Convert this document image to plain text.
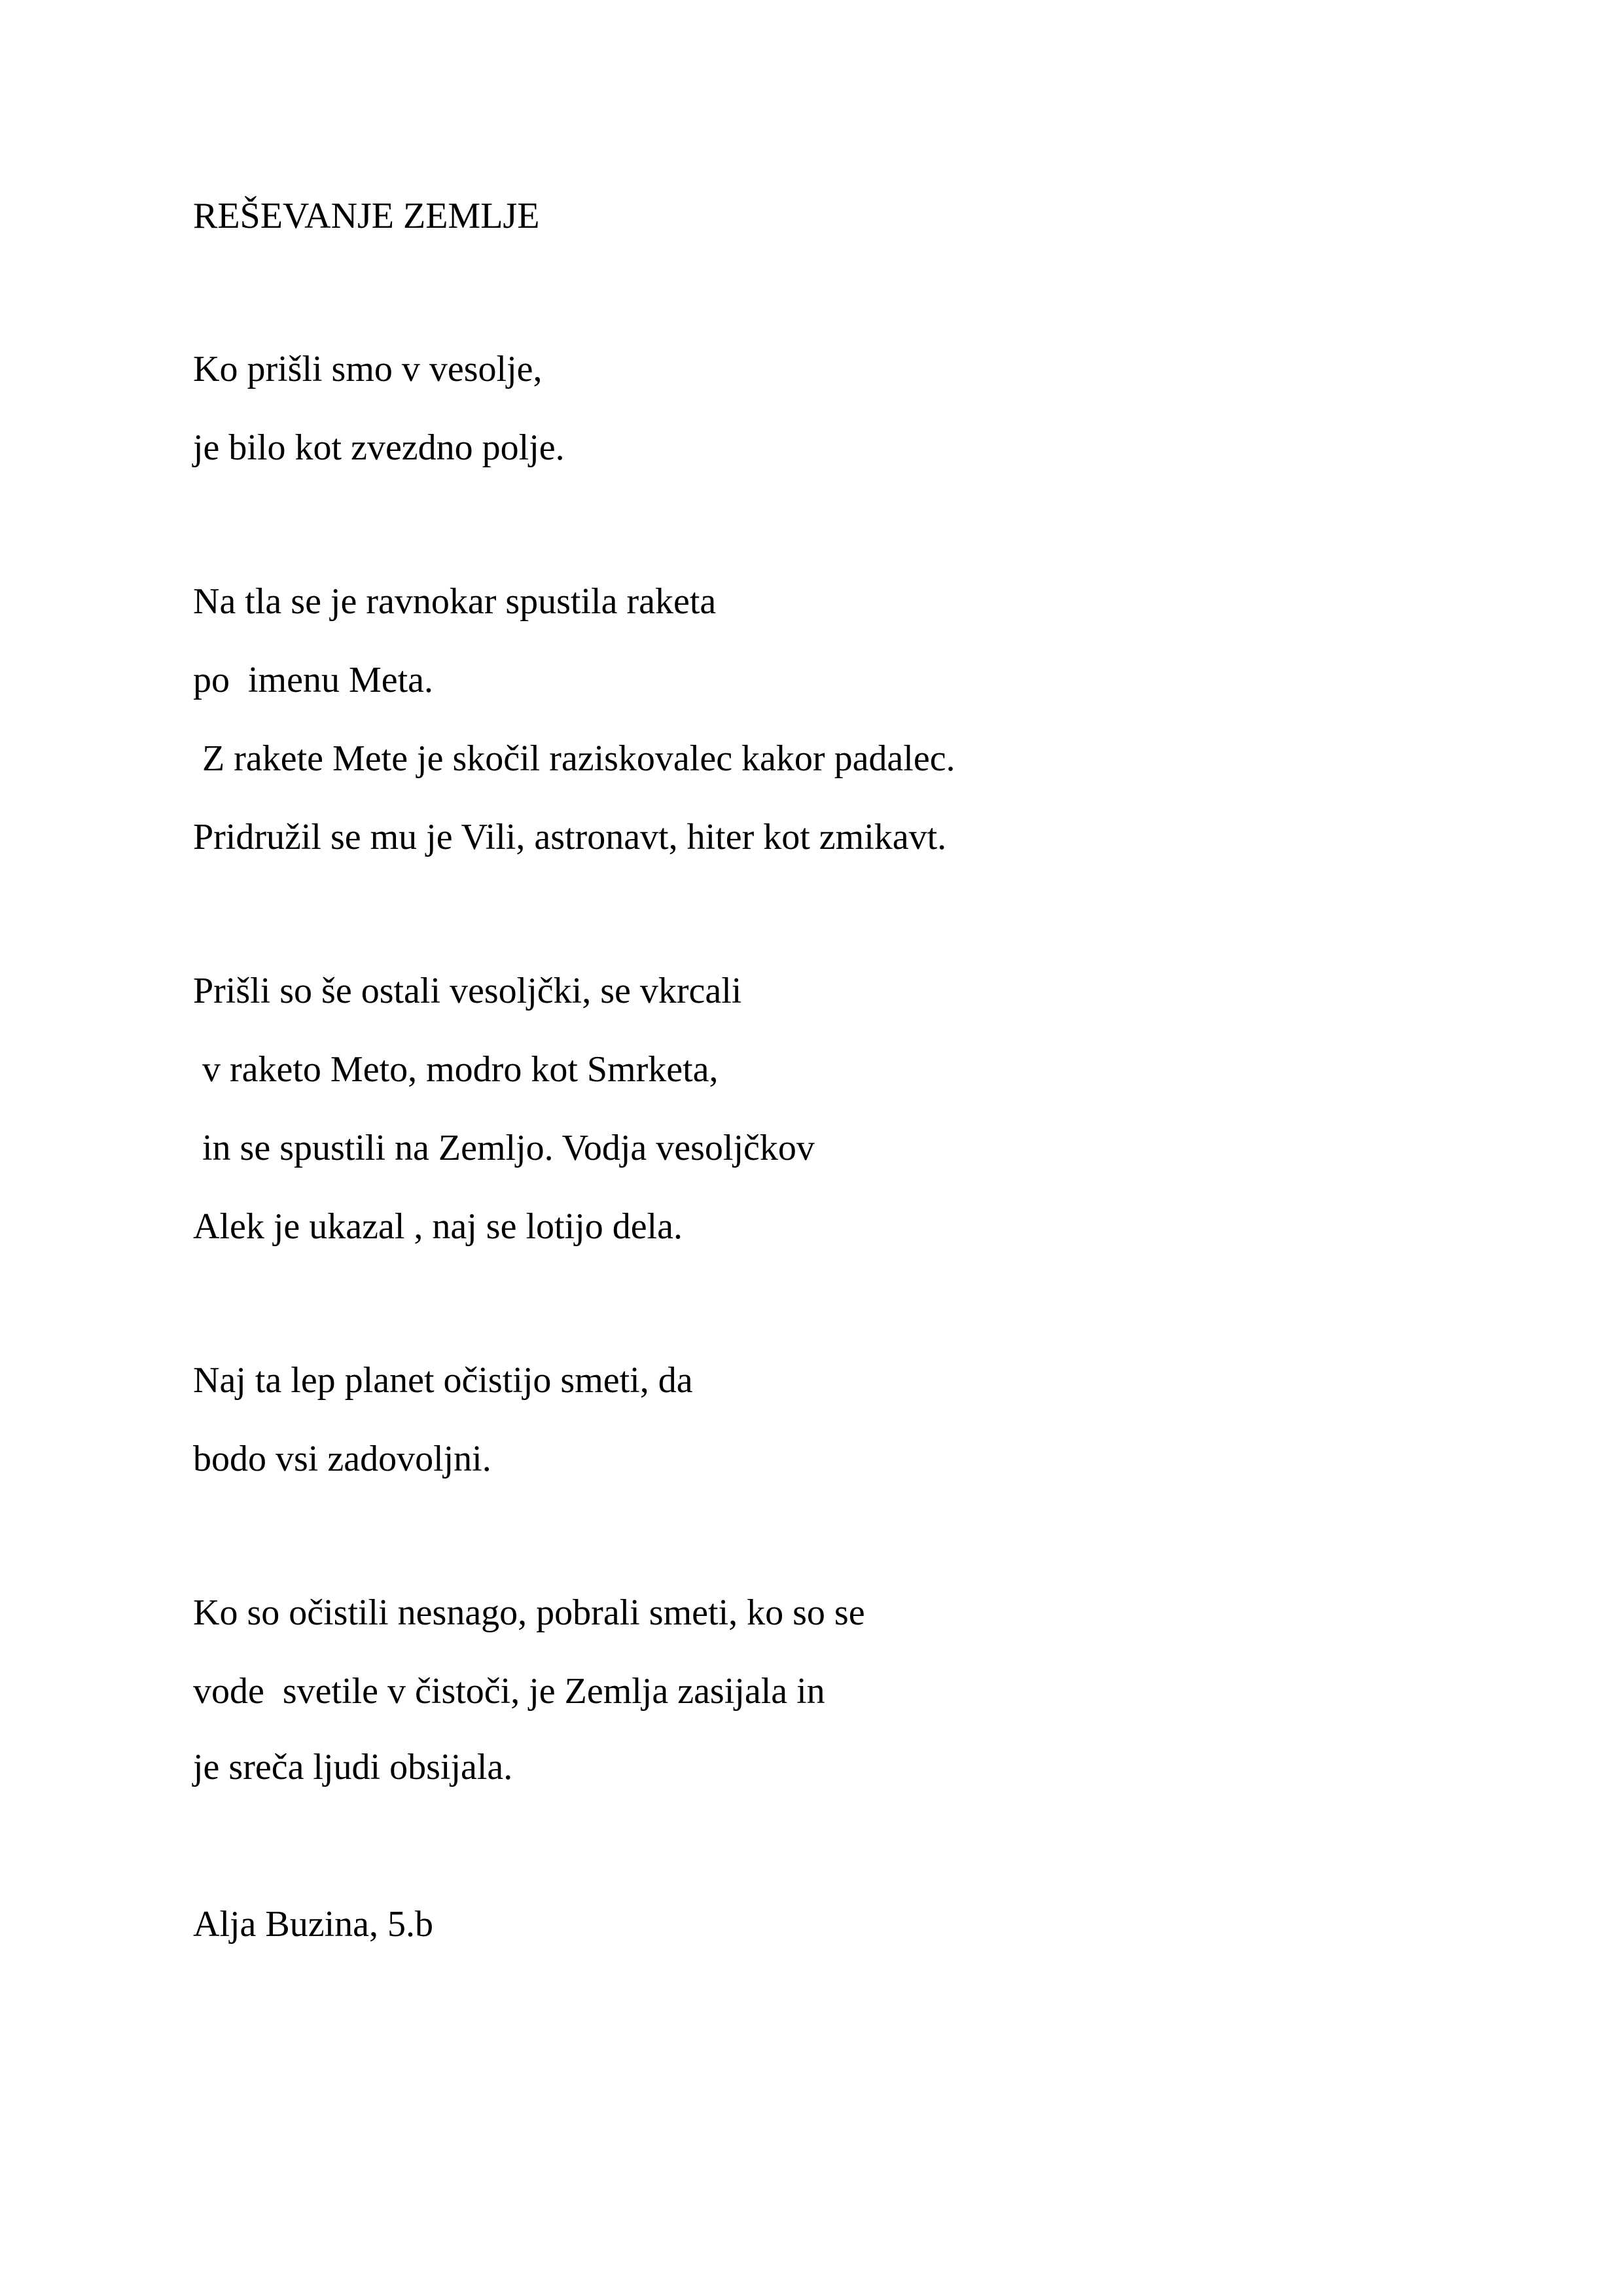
REŠEVANJE ZEMLJE
Ko prišli smo v vesolje,
je bilo kot zvezdno polje.
Na tla se je ravnokar spustila raketa
po  imenu Meta.
Z rakete Mete je skočil raziskovalec kakor padalec.
Pridružil se mu je Vili, astronavt, hiter kot zmikavt.
Prišli so še ostali vesoljčki, se vkrcali
v raketo Meto, modro kot Smrketa,
in se spustili na Zemljo. Vodja vesoljčkov
Alek je ukazal , naj se lotijo dela.
Naj ta lep planet očistijo smeti, da
bodo vsi zadovoljni.
Ko so očistili nesnago, pobrali smeti, ko so se
vode  svetile v čistoči, je Zemlja zasijala in
je sreča ljudi obsijala.
Alja Buzina, 5.b
